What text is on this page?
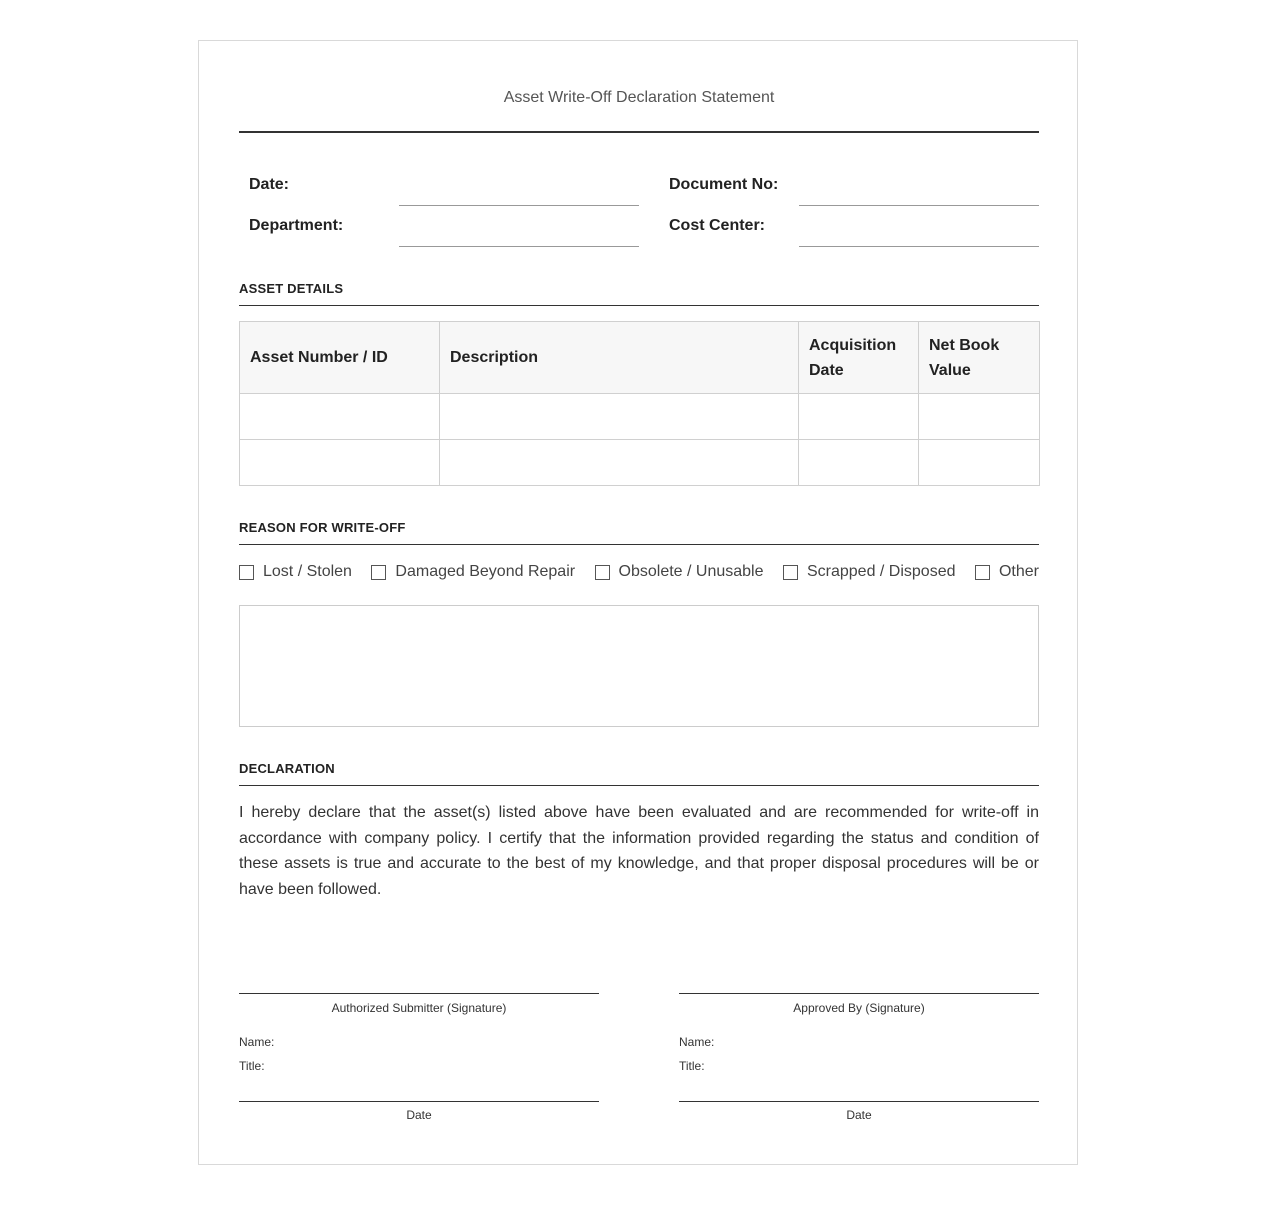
Asset Write-Off Declaration Statement
Date:	Document No:
Department:	Cost Center:
ASSET DETAILS
Asset Number / ID	Description	Acquisition Date	Net Book Value

REASON FOR WRITE-OFF
Lost / Stolen	Damaged Beyond Repair	Obsolete / Unusable	Scrapped / Disposed	Other
DECLARATION

I hereby declare that the asset(s) listed above have been evaluated and are recommended for write-off in accordance with company policy. I certify that the information provided regarding the status and condition of these assets is true and accurate to the best of my knowledge, and that proper disposal procedures will be or have been followed.

Authorized Submitter (Signature)
Name:
Title:
Date
Approved By (Signature)
Name:
Title:
Date
